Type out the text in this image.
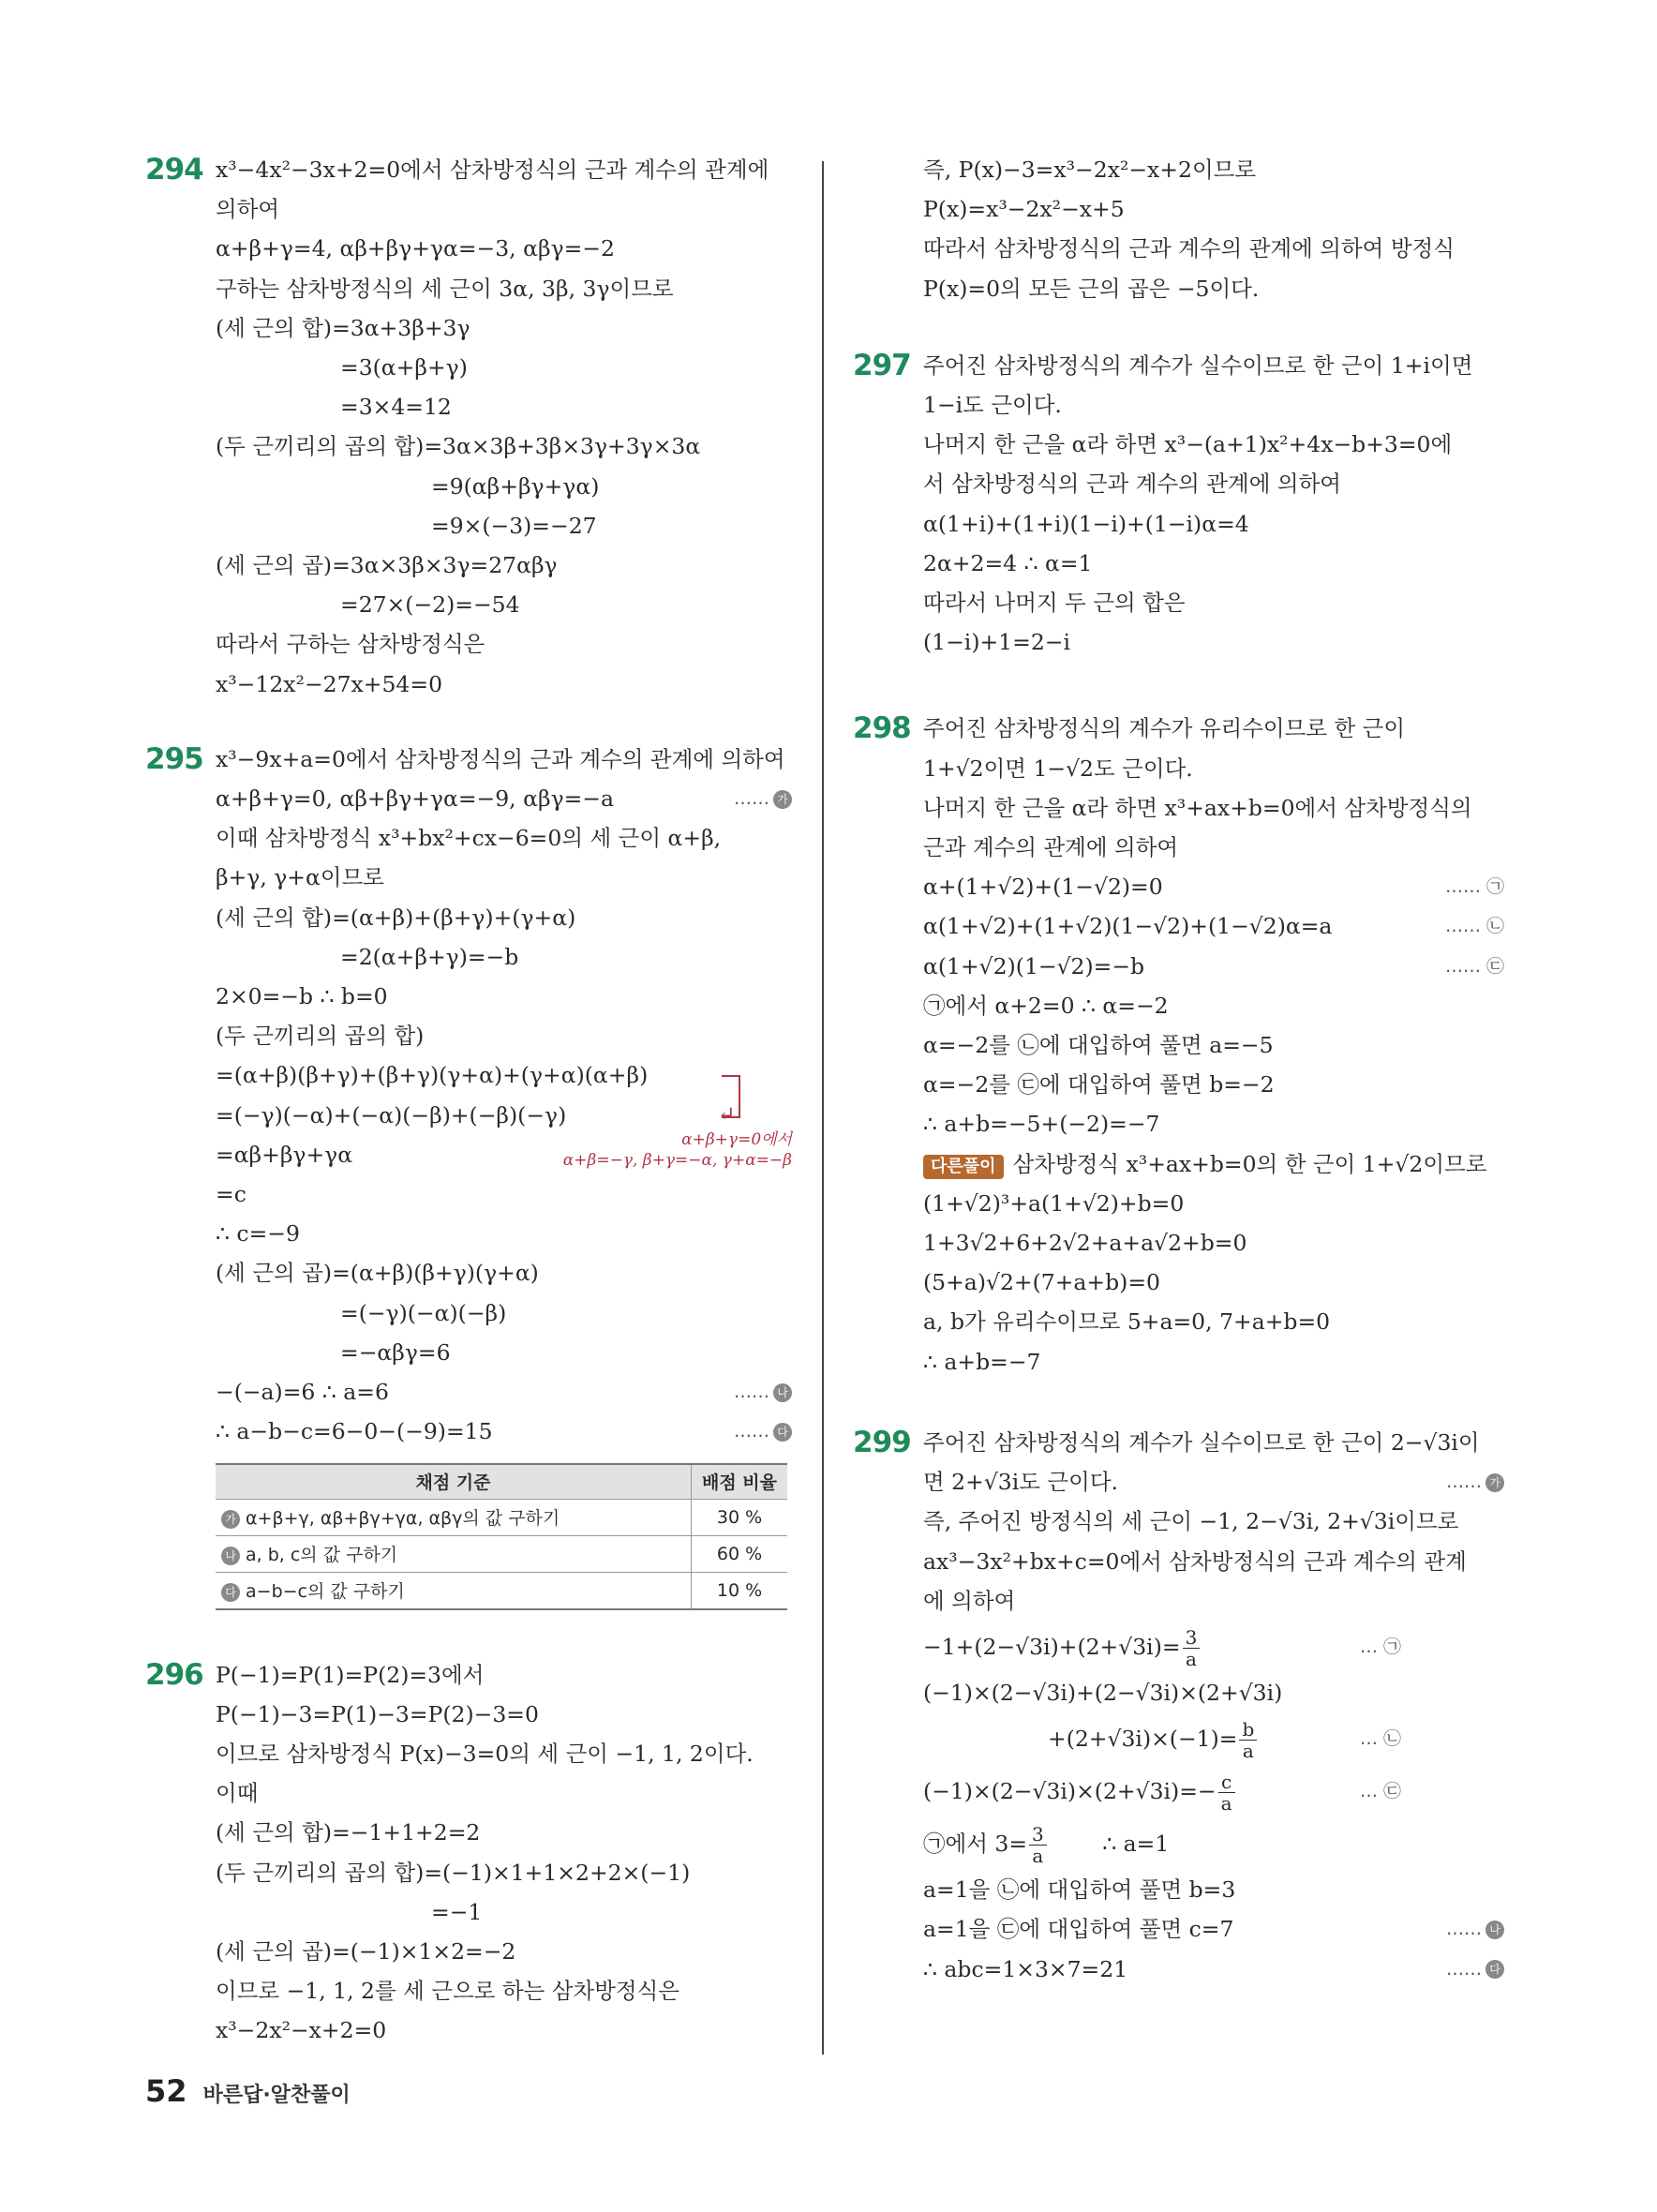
294 x³−4x²−3x+2=0에서 삼차방정식의 근과 계수의 관계에
의하여
α+β+γ=4, αβ+βγ+γα=−3, αβγ=−2
구하는 삼차방정식의 세 근이 3α, 3β, 3γ이므로
(세 근의 합)=3α+3β+3γ
=3(α+β+γ)
=3×4=12
(두 근끼리의 곱의 합)=3α×3β+3β×3γ+3γ×3α
=9(αβ+βγ+γα)
=9×(−3)=−27
(세 근의 곱)=3α×3β×3γ=27αβγ
=27×(−2)=−54
따라서 구하는 삼차방정식은
x³−12x²−27x+54=0
295 x³−9x+a=0에서 삼차방정식의 근과 계수의 관계에 의하여
α+β+γ=0, αβ+βγ+γα=−9, αβγ=−a	…… 가
이때 삼차방정식 x³+bx²+cx−6=0의 세 근이 α+β,
β+γ, γ+α이므로
(세 근의 합)=(α+β)+(β+γ)+(γ+α)
=2(α+β+γ)=−b
2×0=−b ∴ b=0
(두 근끼리의 곱의 합)
=(α+β)(β+γ)+(β+γ)(γ+α)+(γ+α)(α+β)
=(−γ)(−α)+(−α)(−β)+(−β)(−γ)	↵
=αβ+βγ+γα
α+β+γ=0에서
α+β=−γ, β+γ=−α, γ+α=−β
=c
∴ c=−9
(세 근의 곱)=(α+β)(β+γ)(γ+α)
=(−γ)(−α)(−β)
=−αβγ=6
−(−a)=6 ∴ a=6	…… 나
∴ a−b−c=6−0−(−9)=15	…… 다
채점 기준	배점 비율
가 α+β+γ, αβ+βγ+γα, αβγ의 값 구하기	30 %
나 a, b, c의 값 구하기	60 %
다 a−b−c의 값 구하기	10 %
296 P(−1)=P(1)=P(2)=3에서
P(−1)−3=P(1)−3=P(2)−3=0
이므로 삼차방정식 P(x)−3=0의 세 근이 −1, 1, 2이다.
이때
(세 근의 합)=−1+1+2=2
(두 근끼리의 곱의 합)=(−1)×1+1×2+2×(−1)
=−1
(세 근의 곱)=(−1)×1×2=−2
이므로 −1, 1, 2를 세 근으로 하는 삼차방정식은
x³−2x²−x+2=0
즉, P(x)−3=x³−2x²−x+2이므로
P(x)=x³−2x²−x+5
따라서 삼차방정식의 근과 계수의 관계에 의하여 방정식
P(x)=0의 모든 근의 곱은 −5이다.
297 주어진 삼차방정식의 계수가 실수이므로 한 근이 1+i이면
1−i도 근이다.
나머지 한 근을 α라 하면 x³−(a+1)x²+4x−b+3=0에
서 삼차방정식의 근과 계수의 관계에 의하여
α(1+i)+(1+i)(1−i)+(1−i)α=4
2α+2=4 ∴ α=1
따라서 나머지 두 근의 합은
(1−i)+1=2−i
298 주어진 삼차방정식의 계수가 유리수이므로 한 근이
1+√2이면 1−√2도 근이다.
나머지 한 근을 α라 하면 x³+ax+b=0에서 삼차방정식의
근과 계수의 관계에 의하여
α+(1+√2)+(1−√2)=0	…… ㉠
α(1+√2)+(1+√2)(1−√2)+(1−√2)α=a	…… ㉡
α(1+√2)(1−√2)=−b	…… ㉢
㉠에서 α+2=0 ∴ α=−2
α=−2를 ㉡에 대입하여 풀면 a=−5
α=−2를 ㉢에 대입하여 풀면 b=−2
∴ a+b=−5+(−2)=−7
다른풀이 삼차방정식 x³+ax+b=0의 한 근이 1+√2이므로
(1+√2)³+a(1+√2)+b=0
1+3√2+6+2√2+a+a√2+b=0
(5+a)√2+(7+a+b)=0
a, b가 유리수이므로 5+a=0, 7+a+b=0
∴ a+b=−7
299 주어진 삼차방정식의 계수가 실수이므로 한 근이 2−√3i이
면 2+√3i도 근이다.	…… 가
즉, 주어진 방정식의 세 근이 −1, 2−√3i, 2+√3i이므로
ax³−3x²+bx+c=0에서 삼차방정식의 근과 계수의 관계
에 의하여
$-1+(2-√3i)+(2+√3i)= \frac{3}{a}$	… ㉠
(−1)×(2−√3i)+(2−√3i)×(2+√3i)
$+(2+√3i)\times(-1)= \frac{b}{a}$	… ㉡
$(-1)\times(2-√3i)\times(2+√3i)=- \frac{c}{a}$	… ㉢
㉠에서 $3= \frac{3}{a}$	∴ a=1
a=1을 ㉡에 대입하여 풀면 b=3
a=1을 ㉢에 대입하여 풀면 c=7	…… 나
∴ abc=1×3×7=21	…… 다
52 바른답·알찬풀이
